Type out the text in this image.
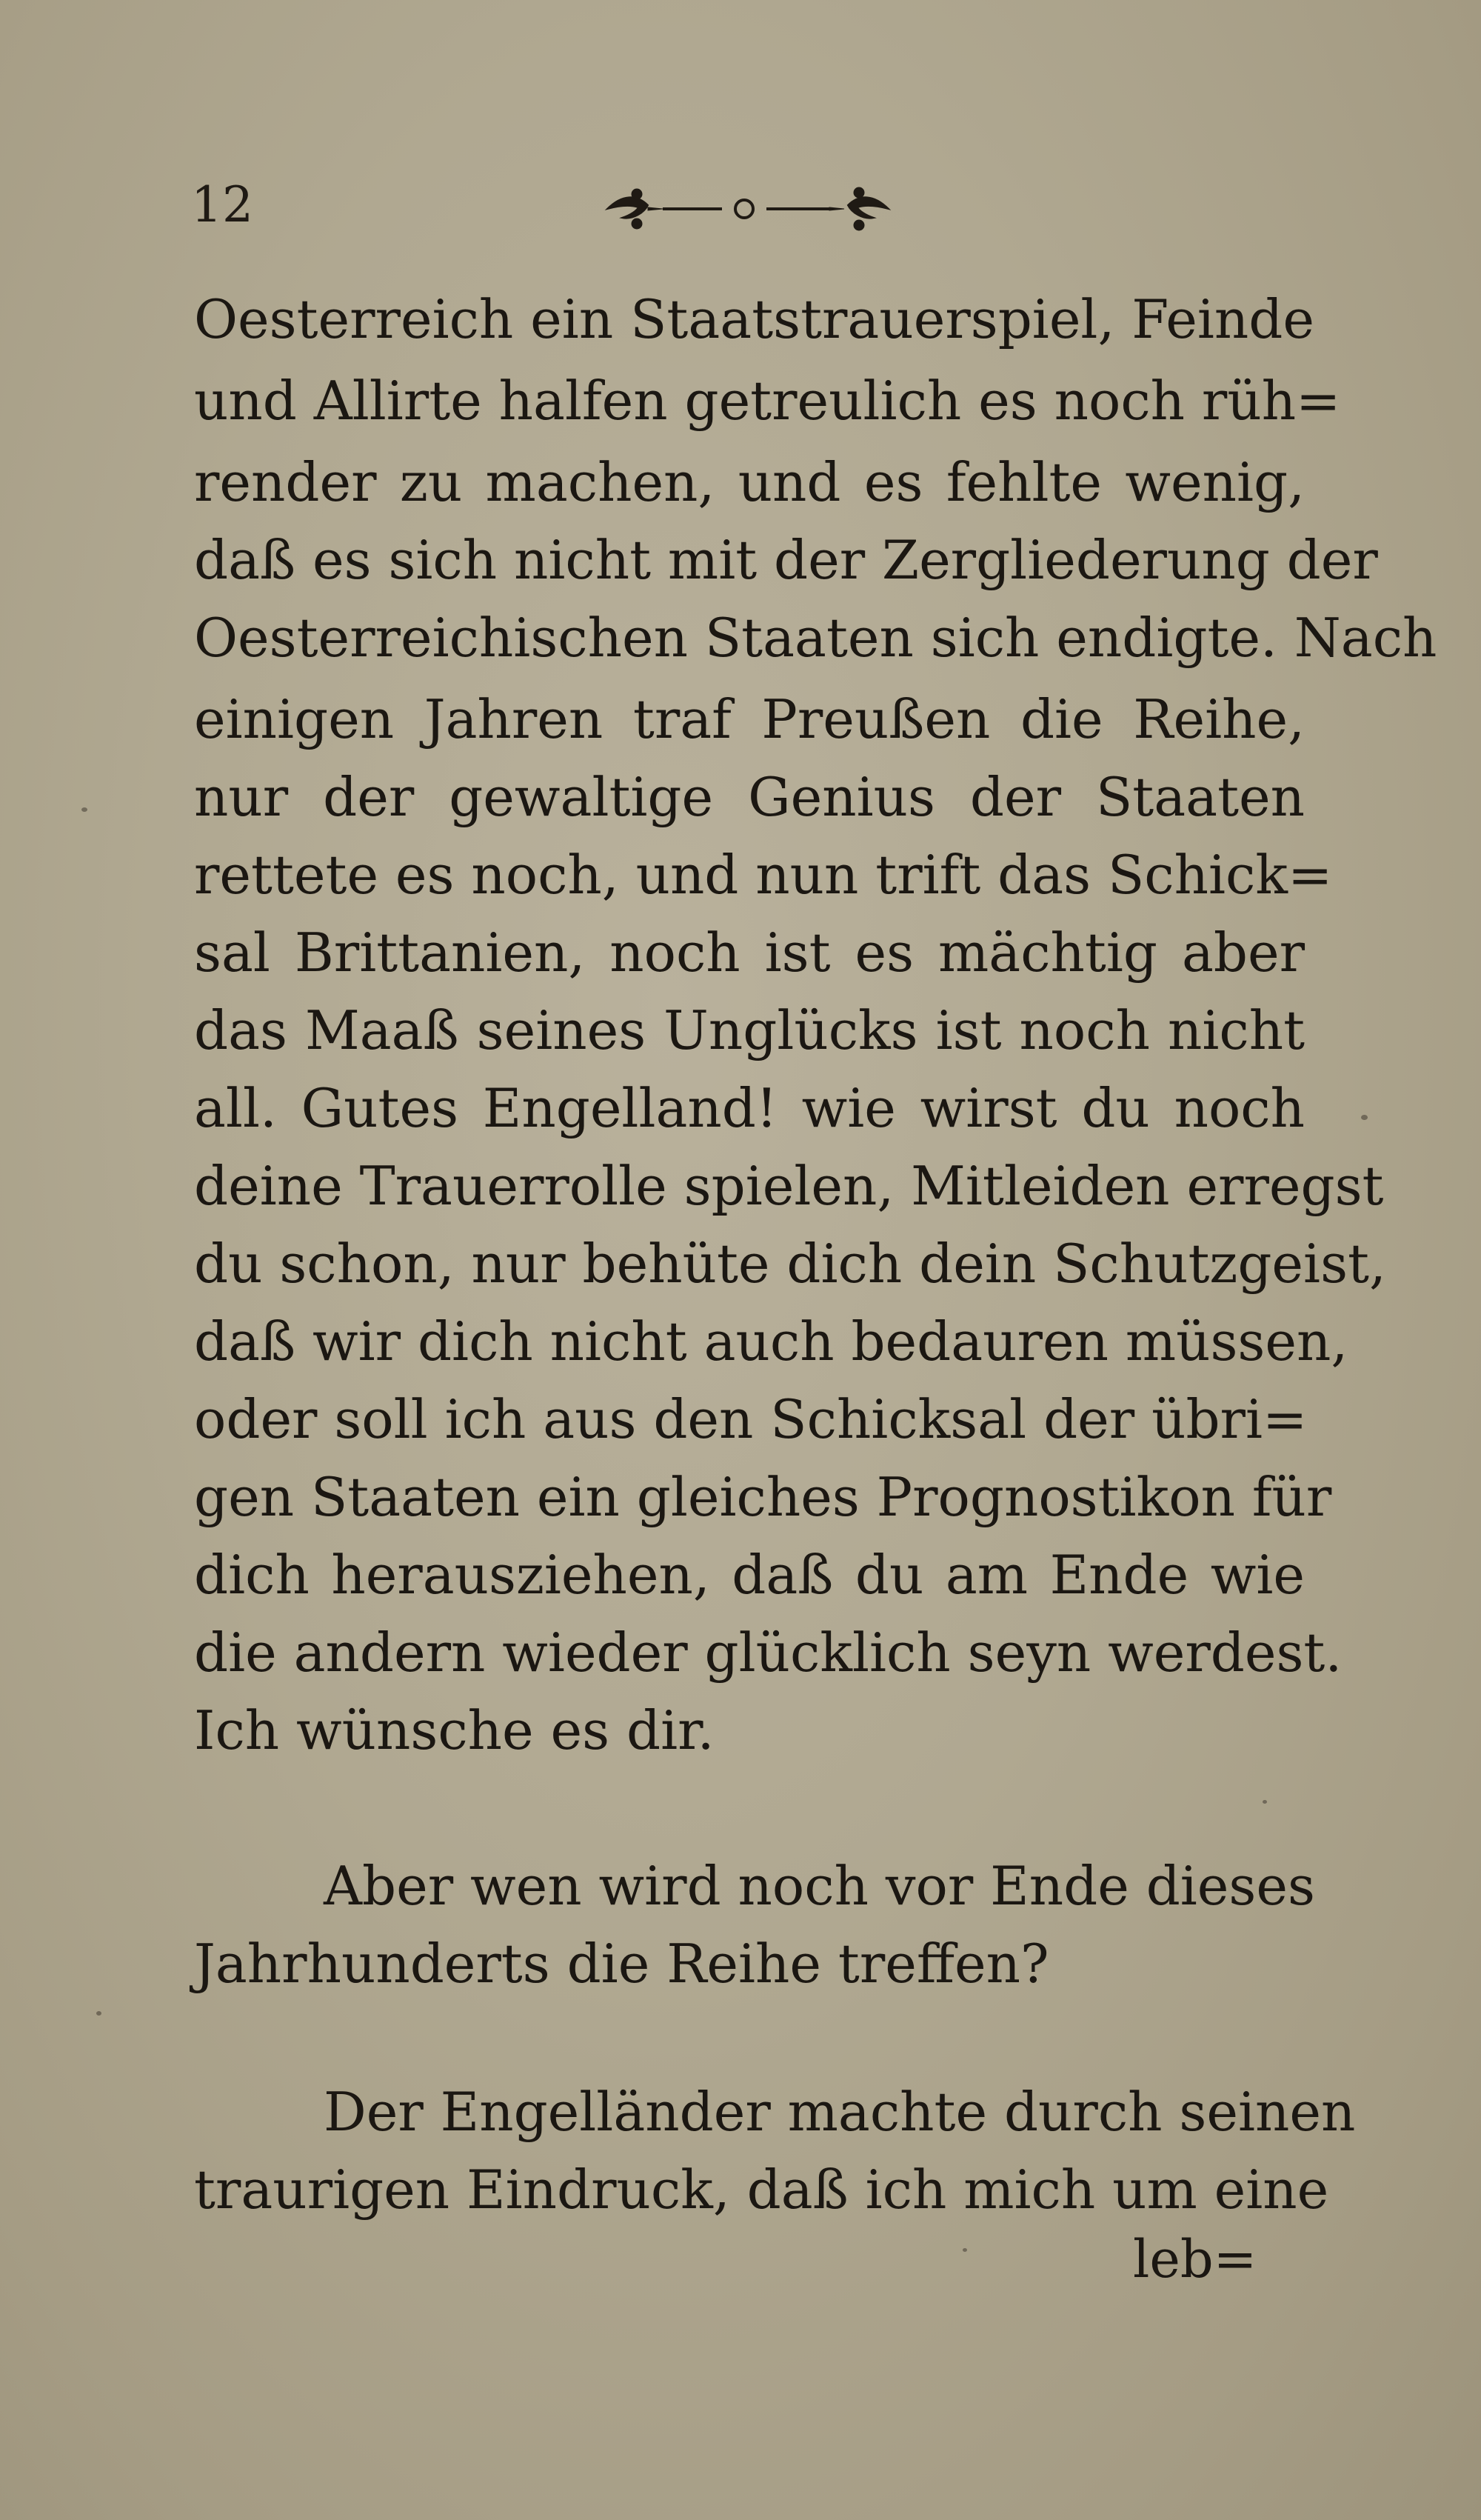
12
Oesterreich ein Staatstrauerspiel, Feinde
und Allirte halfen getreulich es noch rüh=
render zu machen, und es fehlte wenig,
daß es sich nicht mit der Zergliederung der
Oesterreichischen Staaten sich endigte. Nach
einigen Jahren traf Preußen die Reihe,
nur der gewaltige Genius der Staaten
rettete es noch, und nun trift das Schick=
sal Brittanien, noch ist es mächtig aber
das Maaß seines Unglücks ist noch nicht
all. Gutes Engelland! wie wirst du noch
deine Trauerrolle spielen, Mitleiden erregst
du schon, nur behüte dich dein Schutzgeist,
daß wir dich nicht auch bedauren müssen,
oder soll ich aus den Schicksal der übri=
gen Staaten ein gleiches Prognostikon für
dich herausziehen, daß du am Ende wie
die andern wieder glücklich seyn werdest.
Ich wünsche es dir.
Aber wen wird noch vor Ende dieses
Jahrhunderts die Reihe treffen?
Der Engelländer machte durch seinen
traurigen Eindruck, daß ich mich um eine
leb=
